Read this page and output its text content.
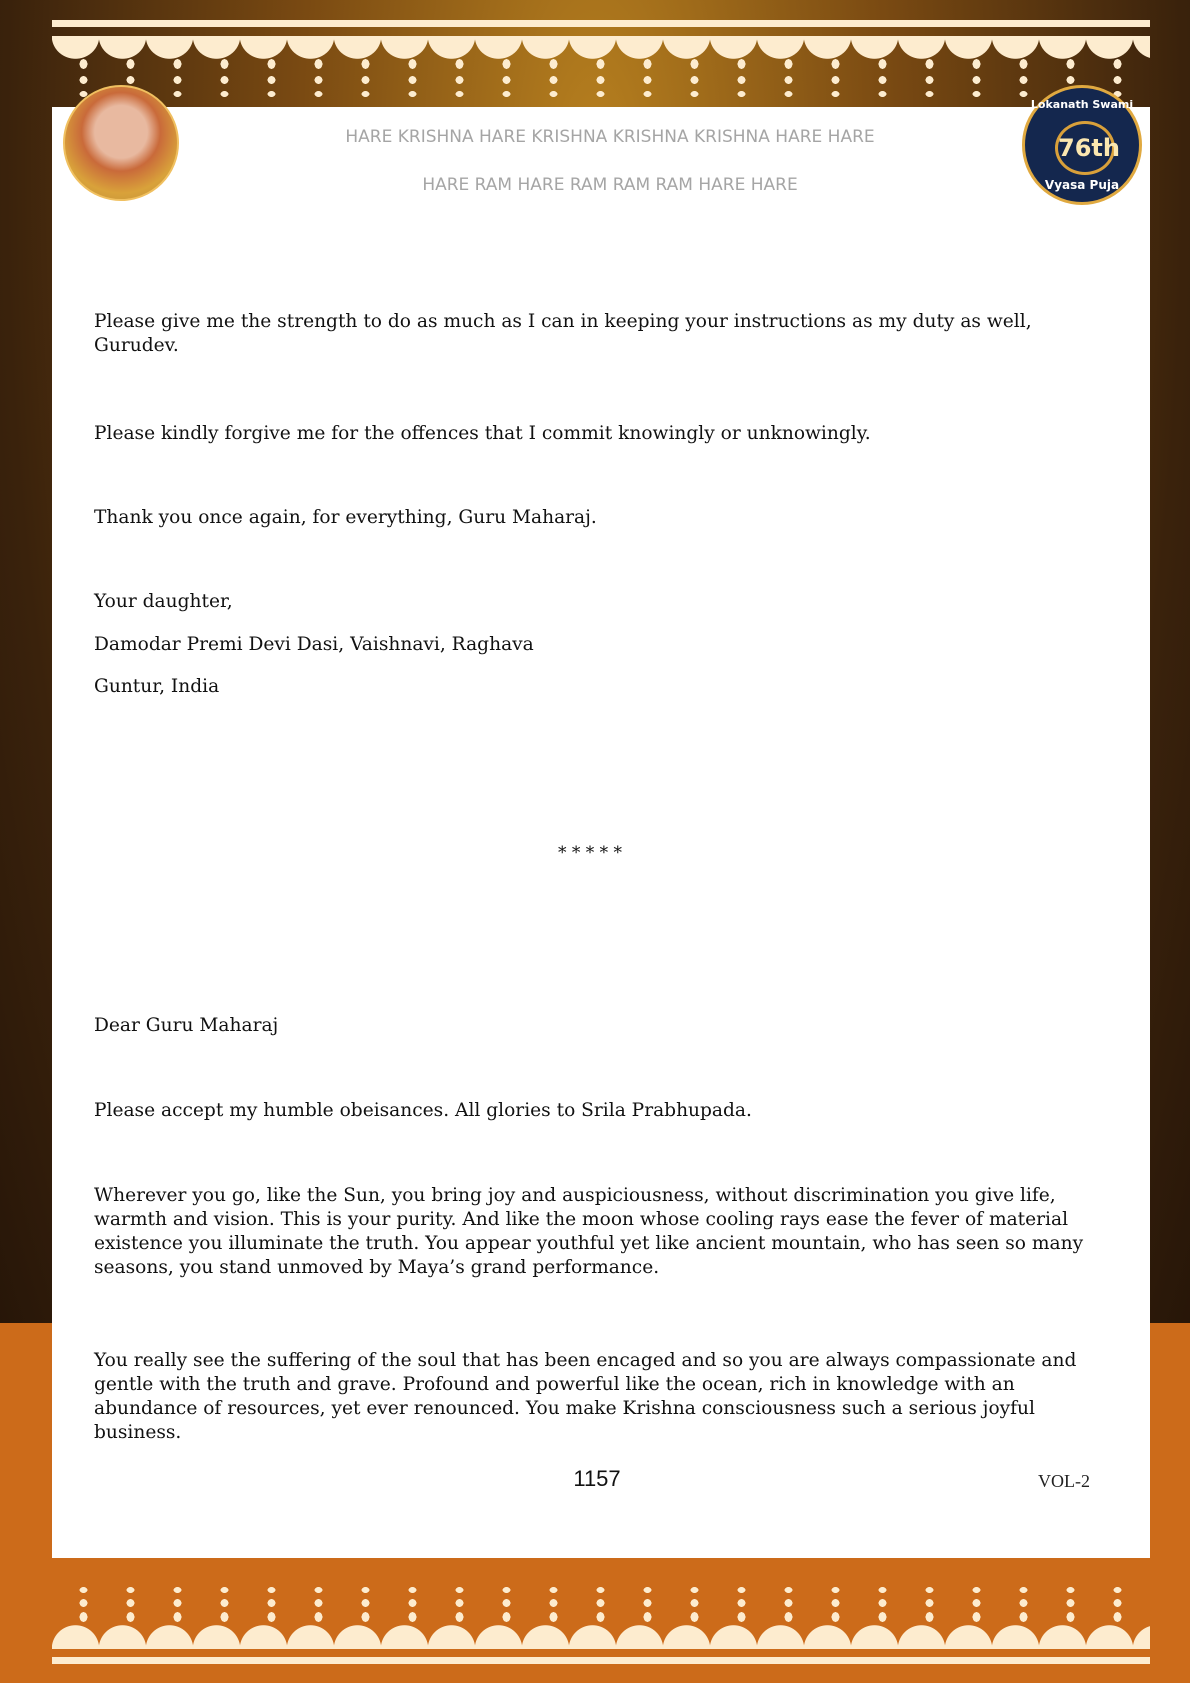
HARE KRISHNA HARE KRISHNA KRISHNA KRISHNA HARE HARE
HARE RAM HARE RAM RAM RAM HARE HARE
Lokanath Swami
76th
Vyasa Puja
Please give me the strength to do as much as I can in keeping your instructions as my duty as well, Gurudev.
Please kindly forgive me for the offences that I commit knowingly or unknowingly.
Thank you once again, for everything, Guru Maharaj.
Your daughter,
Damodar Premi Devi Dasi, Vaishnavi, Raghava
Guntur, India
* * * * *
Dear Guru Maharaj
Please accept my humble obeisances. All glories to Srila Prabhupada.
Wherever you go, like the Sun, you bring joy and auspiciousness, without discrimination you give life, warmth and vision. This is your purity. And like the moon whose cooling rays ease the fever of material existence you illuminate the truth. You appear youthful yet like ancient mountain, who has seen so many seasons, you stand unmoved by Maya’s grand performance.
You really see the suffering of the soul that has been encaged and so you are always compassionate and gentle with the truth and grave. Profound and powerful like the ocean, rich in knowledge with an abundance of resources, yet ever renounced. You make Krishna consciousness such a serious joyful business.
1157	VOL-2
